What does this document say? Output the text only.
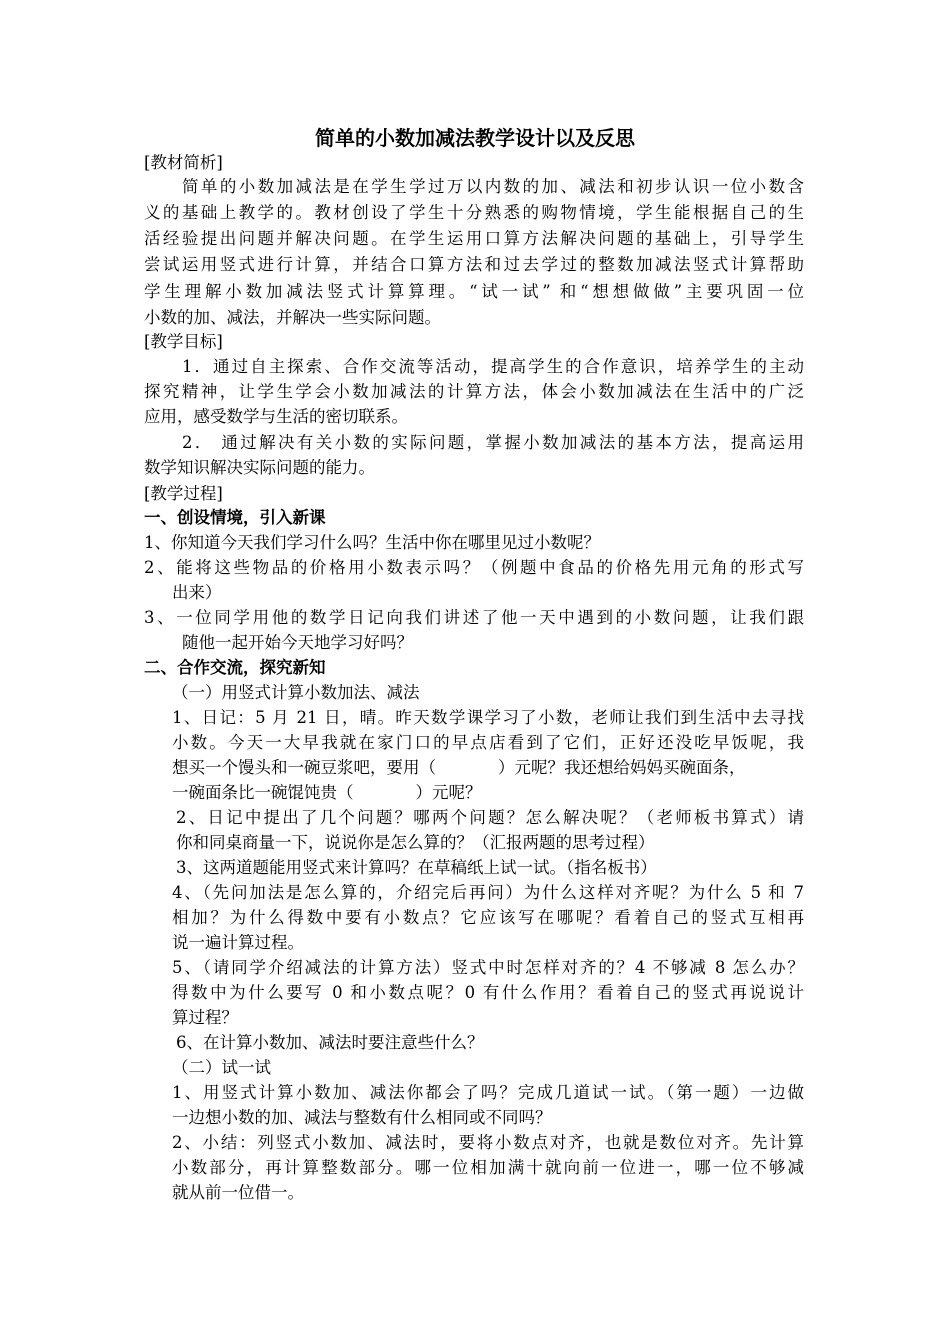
简单的小数加减法教学设计以及反思
[教材简析]
简单的小数加减法是在学生学过万以内数的加、减法和初步认识一位小数含
义的基础上教学的。教材创设了学生十分熟悉的购物情境，学生能根据自己的生
活经验提出问题并解决问题。在学生运用口算方法解决问题的基础上，引导学生
尝试运用竖式进行计算，并结合口算方法和过去学过的整数加减法竖式计算帮助
学生理解小数加减法竖式计算算理。“试一试” 和“想想做做”主要巩固一位
小数的加、减法，并解决一些实际问题。
[教学目标]
1．通过自主探索、合作交流等活动，提高学生的合作意识，培养学生的主动
探究精神，让学生学会小数加减法的计算方法，体会小数加减法在生活中的广泛
应用，感受数学与生活的密切联系。
2． 通过解决有关小数的实际问题，掌握小数加减法的基本方法，提高运用
数学知识解决实际问题的能力。
[教学过程]
一、创设情境，引入新课
1、你知道今天我们学习什么吗？生活中你在哪里见过小数呢？
2、能将这些物品的价格用小数表示吗？（例题中食品的价格先用元角的形式写
出来）
3、一位同学用他的数学日记向我们讲述了他一天中遇到的小数问题，让我们跟
随他一起开始今天地学习好吗？
二、合作交流，探究新知
（一）用竖式计算小数加法、减法
1、日记：5 月 21 日，晴。昨天数学课学习了小数，老师让我们到生活中去寻找
小数。今天一大早我就在家门口的早点店看到了它们，正好还没吃早饭呢，我
想买一个馒头和一碗豆浆吧，要用（	）元呢？我还想给妈妈买碗面条，
一碗面条比一碗馄饨贵（	）元呢？
2、日记中提出了几个问题？哪两个问题？怎么解决呢？（老师板书算式）请
你和同桌商量一下，说说你是怎么算的？（汇报两题的思考过程）
3、这两道题能用竖式来计算吗？在草稿纸上试一试。（指名板书）
4、（先问加法是怎么算的，介绍完后再问）为什么这样对齐呢？为什么 5 和 7
相加？为什么得数中要有小数点？它应该写在哪呢？看着自己的竖式互相再
说一遍计算过程。
5、（请同学介绍减法的计算方法）竖式中时怎样对齐的？4 不够减 8 怎么办？
得数中为什么要写 0 和小数点呢？0 有什么作用？看着自己的竖式再说说计
算过程？
6、在计算小数加、减法时要注意些什么？
（二）试一试
1、用竖式计算小数加、减法你都会了吗？完成几道试一试。（第一题）一边做
一边想小数的加、减法与整数有什么相同或不同吗？
2、小结：列竖式小数加、减法时，要将小数点对齐，也就是数位对齐。先计算
小数部分，再计算整数部分。哪一位相加满十就向前一位进一，哪一位不够减
就从前一位借一。
